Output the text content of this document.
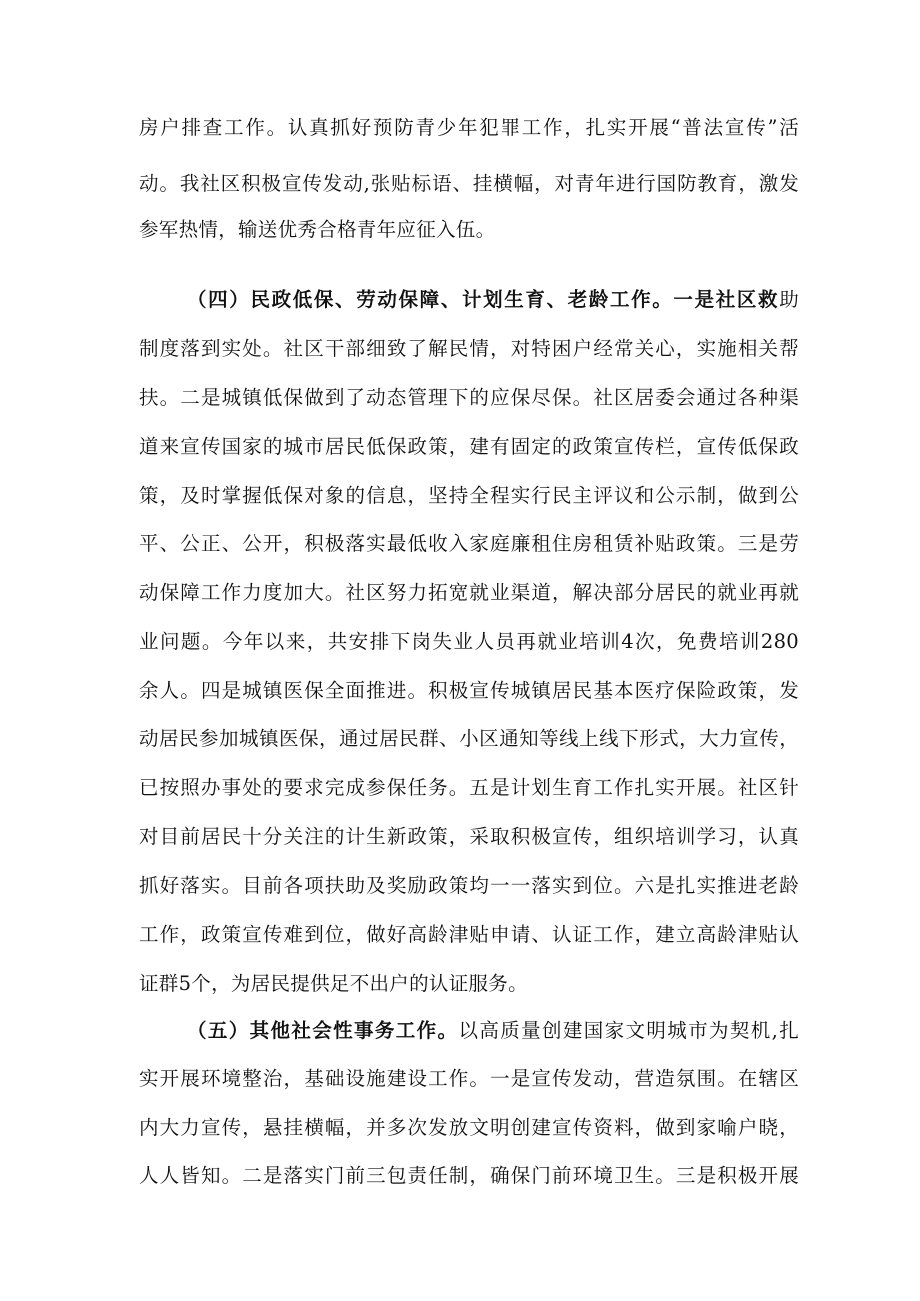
房户排查工作。认真抓好预防青少年犯罪工作，扎实开展“普法宣传”活
动。我社区积极宣传发动,张贴标语、挂横幅，对青年进行国防教育，激发
参军热情，输送优秀合格青年应征入伍。
（四）民政低保、劳动保障、计划生育、老龄工作。一是社区救助
制度落到实处。社区干部细致了解民情，对特困户经常关心，实施相关帮
扶。二是城镇低保做到了动态管理下的应保尽保。社区居委会通过各种渠
道来宣传国家的城市居民低保政策，建有固定的政策宣传栏，宣传低保政
策，及时掌握低保对象的信息，坚持全程实行民主评议和公示制，做到公
平、公正、公开，积极落实最低收入家庭廉租住房租赁补贴政策。三是劳
动保障工作力度加大。社区努力拓宽就业渠道，解决部分居民的就业再就
业问题。今年以来，共安排下岗失业人员再就业培训4次，免费培训280
余人。四是城镇医保全面推进。积极宣传城镇居民基本医疗保险政策，发
动居民参加城镇医保，通过居民群、小区通知等线上线下形式，大力宣传，
已按照办事处的要求完成参保任务。五是计划生育工作扎实开展。社区针
对目前居民十分关注的计生新政策，采取积极宣传，组织培训学习，认真
抓好落实。目前各项扶助及奖励政策均一一落实到位。六是扎实推进老龄
工作，政策宣传难到位，做好高龄津贴申请、认证工作，建立高龄津贴认
证群5个，为居民提供足不出户的认证服务。
（五）其他社会性事务工作。以高质量创建国家文明城市为契机,扎
实开展环境整治，基础设施建设工作。一是宣传发动，营造氛围。在辖区
内大力宣传，悬挂横幅，并多次发放文明创建宣传资料，做到家喻户晓，
人人皆知。二是落实门前三包责任制，确保门前环境卫生。三是积极开展
